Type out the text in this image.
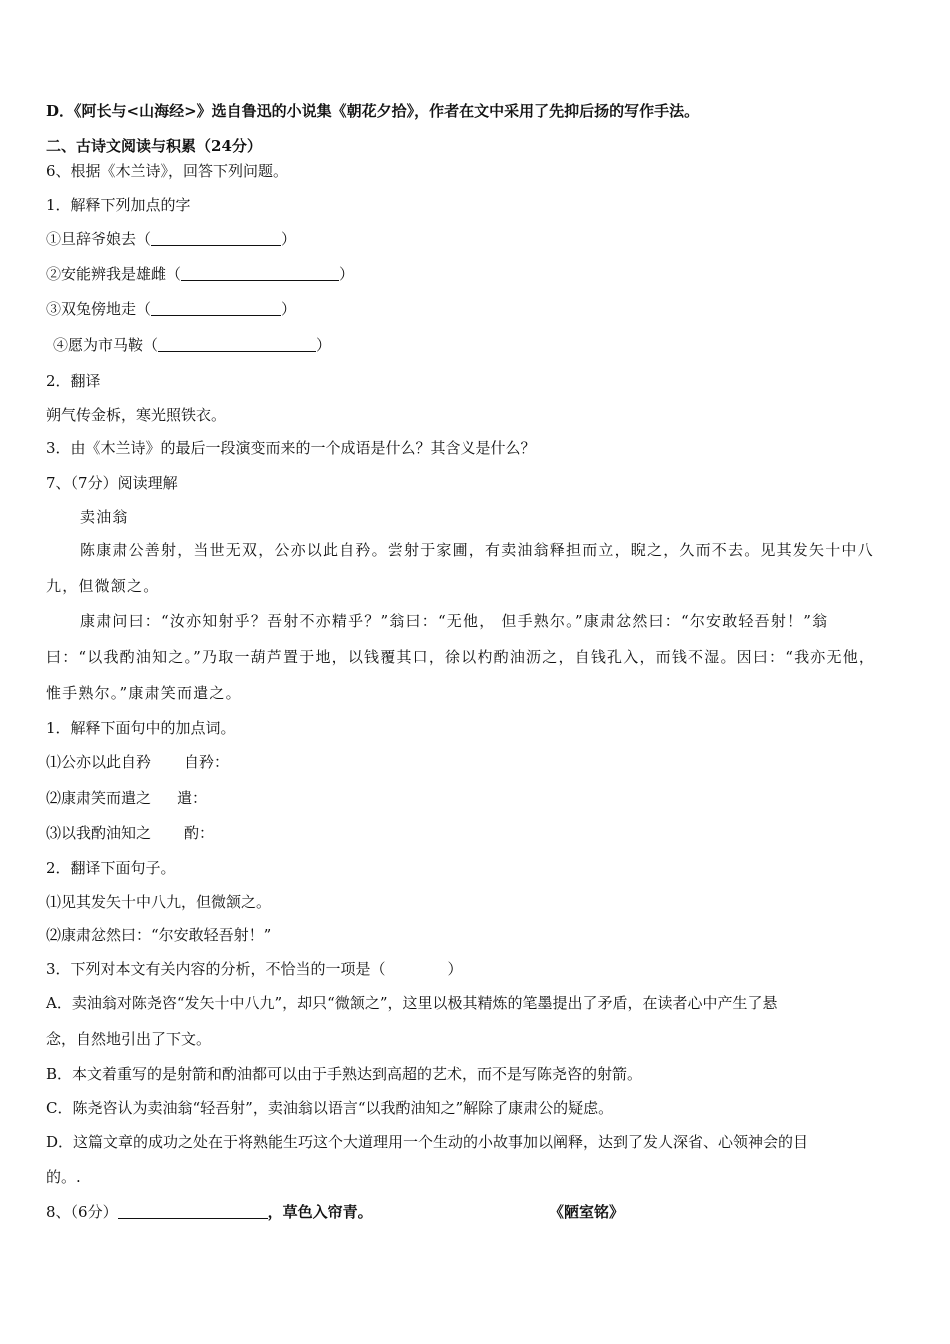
D．《阿长与<山海经>》选自鲁迅的小说集《朝花夕拾》，作者在文中采用了先抑后扬的写作手法。
二、古诗文阅读与积累（24分）
6、根据《木兰诗》，回答下列问题。
1．解释下列加点的字
①旦辞爷娘去（	）
②安能辨我是雄雌（	）
③双兔傍地走（	）
④愿为市马鞍（	）
2．翻译
朔气传金柝，寒光照铁衣。
3．由《木兰诗》的最后一段演变而来的一个成语是什么？其含义是什么？
7、（7分）阅读理解
卖油翁
陈康肃公善射，当世无双，公亦以此自矜。尝射于家圃，有卖油翁释担而立，睨之，久而不去。见其发矢十中八
九，但微颔之。
康肃问曰：“汝亦知射乎？吾射不亦精乎？”翁曰：“无他， 但手熟尔。”康肃忿然曰：“尔安敢轻吾射！”翁
曰：“以我酌油知之。”乃取一葫芦置于地，以钱覆其口，徐以杓酌油沥之，自钱孔入，而钱不湿。因曰：“我亦无他，
惟手熟尔。”康肃笑而遣之。
1．解释下面句中的加点词。
⑴公亦以此自矜 自矜：
⑵康肃笑而遣之 遣：
⑶以我酌油知之 酌：
2．翻译下面句子。
⑴见其发矢十中八九，但微颔之。
⑵康肃忿然曰：“尔安敢轻吾射！”
3．下列对本文有关内容的分析，不恰当的一项是（	）
A．卖油翁对陈尧咨“发矢十中八九”，却只“微颔之”，这里以极其精炼的笔墨提出了矛盾，在读者心中产生了悬
念，自然地引出了下文。
B．本文着重写的是射箭和酌油都可以由于手熟达到高超的艺术，而不是写陈尧咨的射箭。
C．陈尧咨认为卖油翁“轻吾射”，卖油翁以语言“以我酌油知之”解除了康肃公的疑虑。
D．这篇文章的成功之处在于将熟能生巧这个大道理用一个生动的小故事加以阐释，达到了发人深省、心领神会的目
的。.
8、（6分）	，草色入帘青。	《陋室铭》
